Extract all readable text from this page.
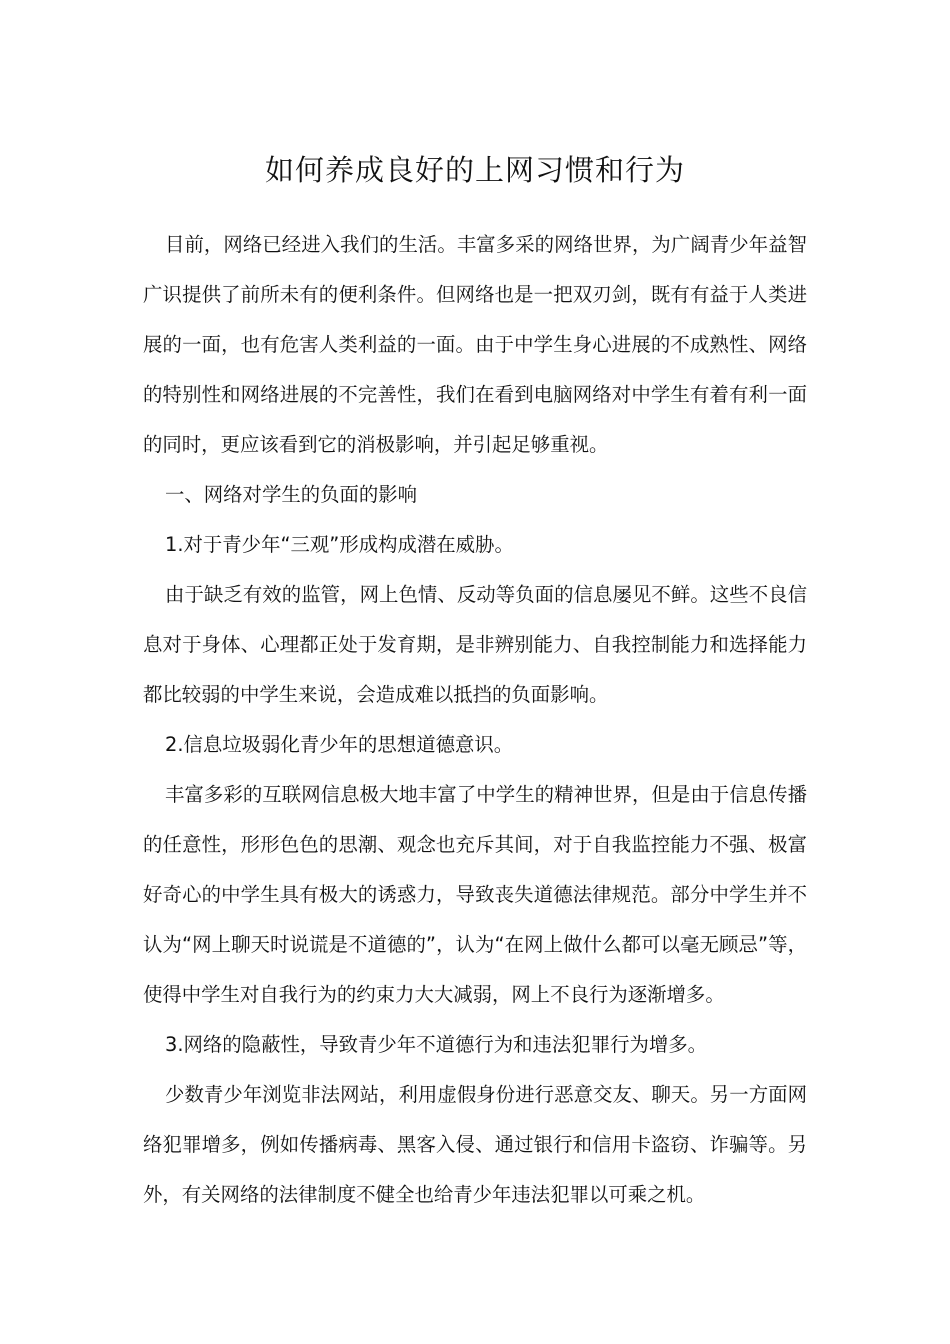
如何养成良好的上网习惯和行为

目前，网络已经进入我们的生活。丰富多采的网络世界，为广阔青少年益智广识提供了前所未有的便利条件。但网络也是一把双刃剑，既有有益于人类进展的一面，也有危害人类利益的一面。由于中学生身心进展的不成熟性、网络的特别性和网络进展的不完善性，我们在看到电脑网络对中学生有着有利一面的同时，更应该看到它的消极影响，并引起足够重视。

一、网络对学生的负面的影响

1.对于青少年“三观”形成构成潜在威胁。

由于缺乏有效的监管，网上色情、反动等负面的信息屡见不鲜。这些不良信息对于身体、心理都正处于发育期，是非辨别能力、自我控制能力和选择能力都比较弱的中学生来说，会造成难以抵挡的负面影响。

2.信息垃圾弱化青少年的思想道德意识。

丰富多彩的互联网信息极大地丰富了中学生的精神世界，但是由于信息传播的任意性，形形色色的思潮、观念也充斥其间，对于自我监控能力不强、极富好奇心的中学生具有极大的诱惑力，导致丧失道德法律规范。部分中学生并不认为“网上聊天时说谎是不道德的”，认为“在网上做什么都可以毫无顾忌”等，使得中学生对自我行为的约束力大大减弱，网上不良行为逐渐增多。

3.网络的隐蔽性，导致青少年不道德行为和违法犯罪行为增多。

少数青少年浏览非法网站，利用虚假身份进行恶意交友、聊天。另一方面网络犯罪增多，例如传播病毒、黑客入侵、通过银行和信用卡盗窃、诈骗等。另外，有关网络的法律制度不健全也给青少年违法犯罪以可乘之机。
